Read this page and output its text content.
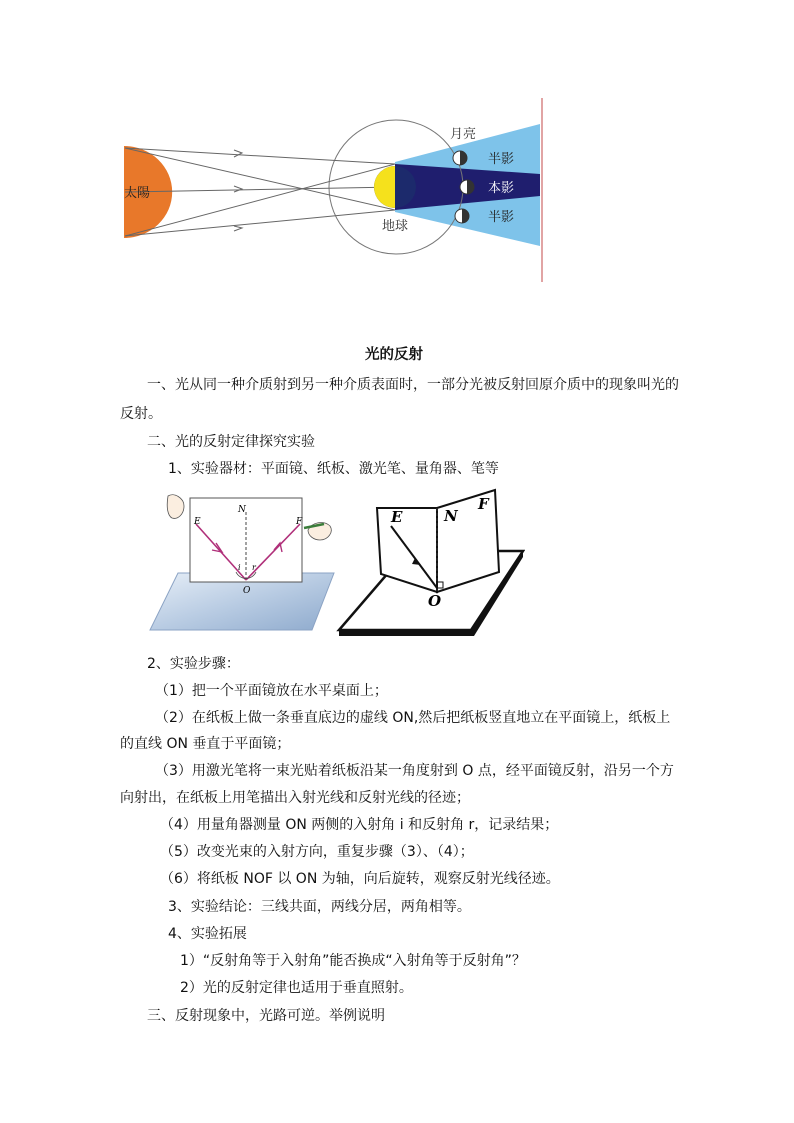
太陽
地球
月亮
半影
本影
半影
光的反射
一、光从同一种介质射到另一种介质表面时，一部分光被反射回原介质中的现象叫光的
反射。
二、光的反射定律探究实验
1、实验器材：平面镜、纸板、激光笔、量角器、笔等
N
E	F
i r
O
E	N
F
O
2、实验步骤：
（1）把一个平面镜放在水平桌面上；
（2）在纸板上做一条垂直底边的虚线 ON,然后把纸板竖直地立在平面镜上，纸板上
的直线 ON 垂直于平面镜；
（3）用激光笔将一束光贴着纸板沿某一角度射到 O 点，经平面镜反射，沿另一个方
向射出，在纸板上用笔描出入射光线和反射光线的径迹；
（4）用量角器测量 ON 两侧的入射角 i 和反射角 r，记录结果；
（5）改变光束的入射方向，重复步骤（3）、（4）；
（6）将纸板 NOF 以 ON 为轴，向后旋转，观察反射光线径迹。
3、实验结论：三线共面，两线分居，两角相等。
4、实验拓展
1）“反射角等于入射角”能否换成“入射角等于反射角”？
2）光的反射定律也适用于垂直照射。
三、反射现象中，光路可逆。举例说明
